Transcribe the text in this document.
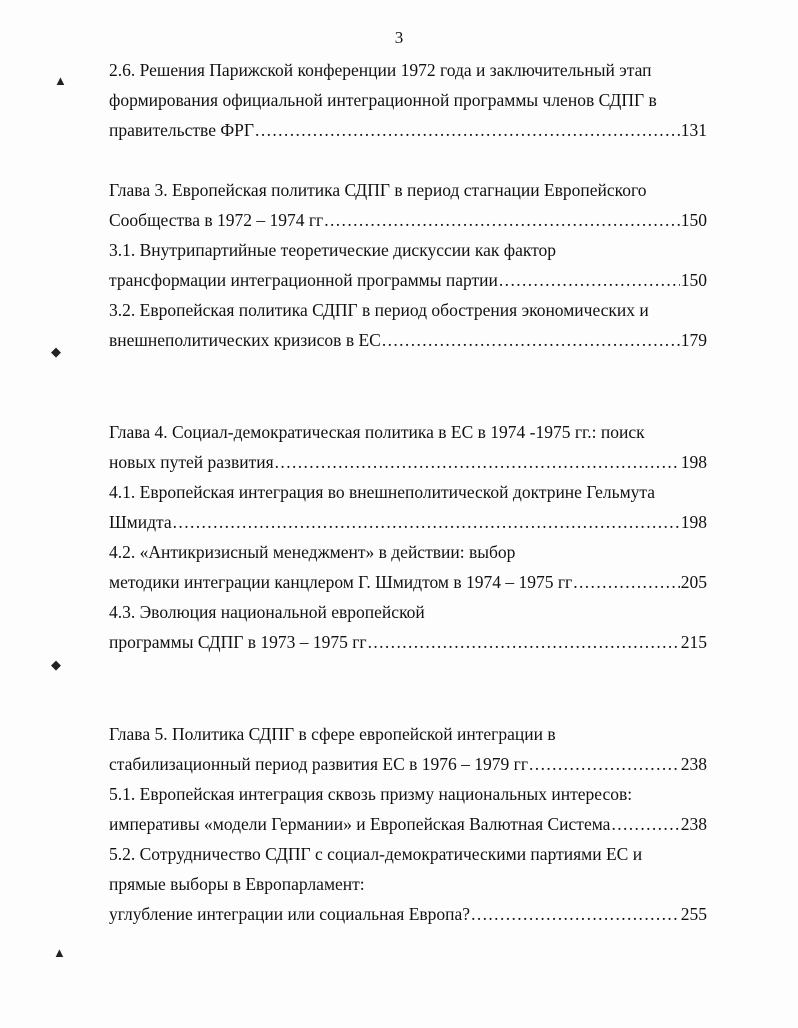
3
2.6. Решения Парижской конференции 1972 года и заключительный этап
формирования официальной интеграционной программы членов СДПГ в
правительстве ФРГ .....	131
Глава 3. Европейская политика СДПГ в период стагнации Европейского
Сообщества в 1972 – 1974 гг .....	150
3.1. Внутрипартийные теоретические дискуссии как фактор
трансформации интеграционной программы партии .....	150
3.2. Европейская политика СДПГ в период обострения экономических и
внешнеполитических кризисов в ЕС .....	179
Глава 4. Социал-демократическая политика в ЕС в 1974 -1975 гг.: поиск
новых путей развития .....	198
4.1. Европейская интеграция во внешнеполитической доктрине Гельмута
Шмидта .....	198
4.2. «Антикризисный менеджмент» в действии: выбор
методики интеграции канцлером Г. Шмидтом в 1974 – 1975 гг .....	205
4.3. Эволюция национальной европейской
программы СДПГ в 1973 – 1975 гг .....	215
Глава 5. Политика СДПГ в сфере европейской интеграции в
стабилизационный период развития ЕС в 1976 – 1979 гг .....	238
5.1. Европейская интеграция сквозь призму национальных интересов:
императивы «модели Германии» и Европейская Валютная Система .....	238
5.2. Сотрудничество СДПГ с социал-демократическими партиями ЕС и
прямые выборы в Европарламент:
углубление интеграции или социальная Европа? .....	255
▲
◆
◆
▲
